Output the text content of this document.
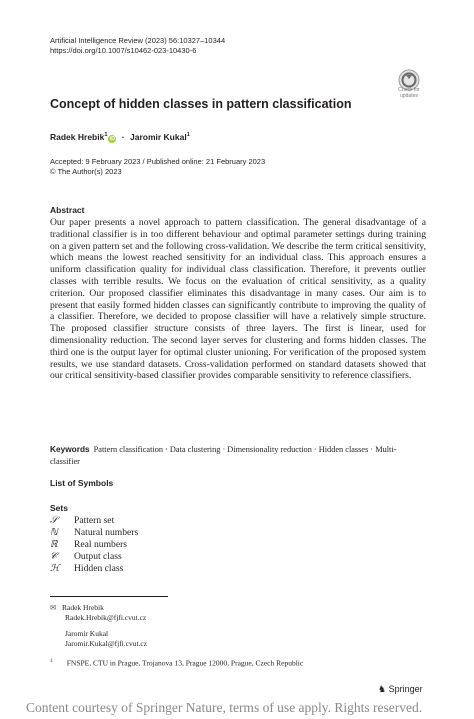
Artificial Intelligence Review (2023) 56:10327–10344
https://doi.org/10.1007/s10462-023-10430-6
Check for
updates
Concept of hidden classes in pattern classification
Radek Hrebik$^1$iD · Jaromir Kukal$^1$
Accepted: 9 February 2023 / Published online: 21 February 2023
© The Author(s) 2023
Abstract
Our paper presents a novel approach to pattern classification. The general disadvantage of a traditional classifier is in too different behaviour and optimal parameter settings during training on a given pattern set and the following cross-validation. We describe the term critical sensitivity, which means the lowest reached sensitivity for an individual class. This approach ensures a uniform classification quality for individual class classification. Therefore, it prevents outlier classes with terrible results. We focus on the evaluation of critical sensitivity, as a quality criterion. Our proposed classifier eliminates this disadvantage in many cases. Our aim is to present that easily formed hidden classes can significantly contribute to improving the quality of a classifier. Therefore, we decided to propose classifier will have a relatively simple structure. The proposed classifier structure consists of three layers. The first is linear, used for dimensionality reduction. The second layer serves for clustering and forms hidden classes. The third one is the output layer for optimal cluster unioning. For verification of the proposed system results, we use standard datasets. Cross-validation performed on standard datasets showed that our critical sensitivity-based classifier provides comparable sensitivity to reference classifiers.
Keywords Pattern classification · Data clustering · Dimensionality reduction · Hidden classes · Multi-classifier
List of Symbols
Sets
𝒮 Pattern set
ℕ Natural numbers
ℝ Real numbers
𝒞 Output class
ℋ Hidden class
✉ Radek Hrebik
Radek.Hrebik@fjfi.cvut.cz
Jaromir Kukal
Jaromir.Kukal@fjfi.cvut.cz
$^1$ FNSPE, CTU in Prague, Trojanova 13, Prague 12000, Prague, Czech Republic
♞ Springer
Content courtesy of Springer Nature, terms of use apply. Rights reserved.
